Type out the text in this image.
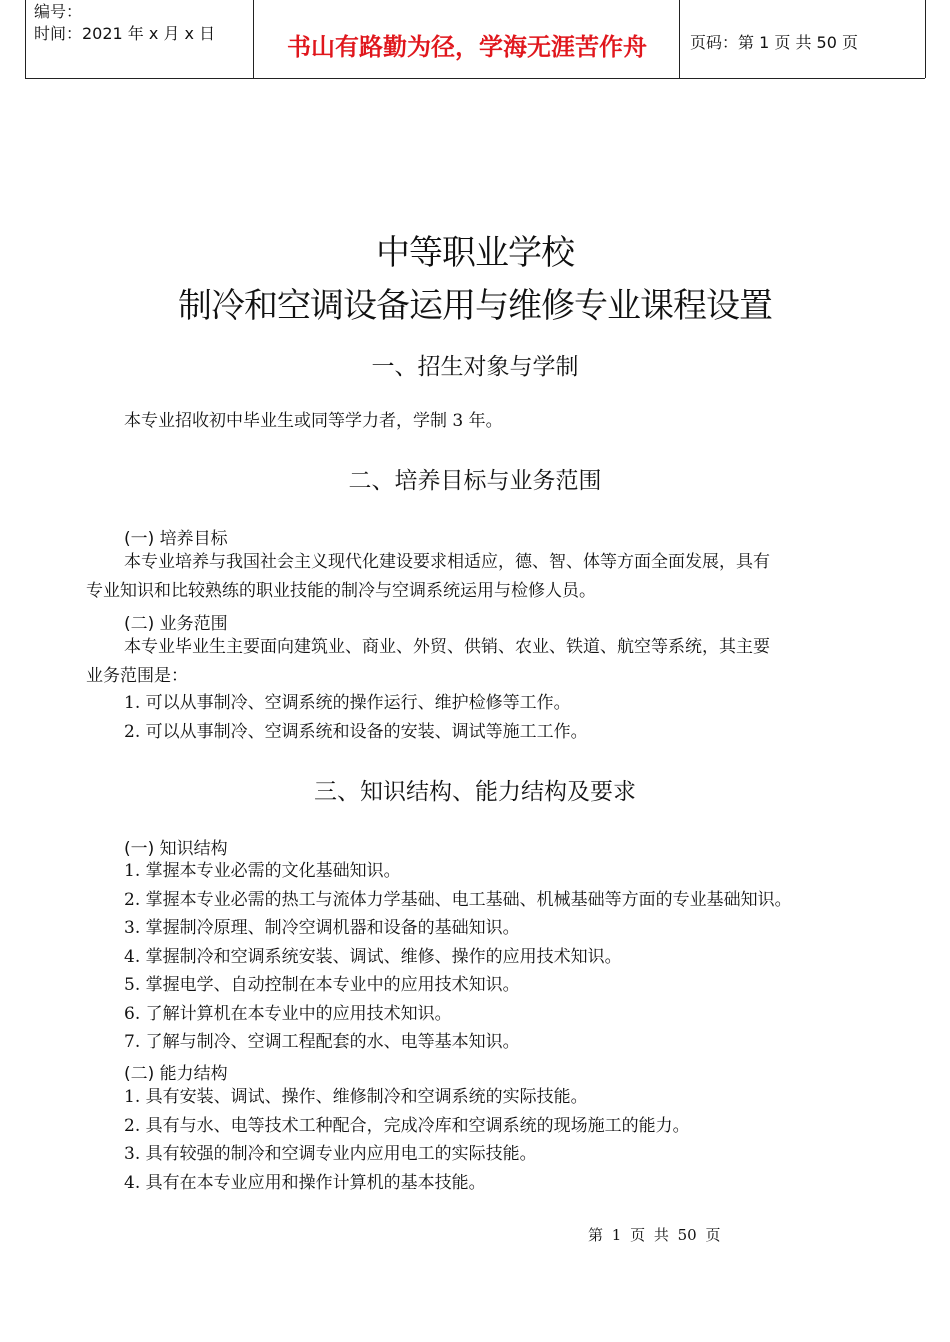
编号：
时间：2021 年 x 月 x 日	书山有路勤为径，学海无涯苦作舟	页码：第 1 页 共 50 页
中等职业学校
制冷和空调设备运用与维修专业课程设置
一、招生对象与学制
本专业招收初中毕业生或同等学力者，学制 3 年。
二、培养目标与业务范围
(一) 培养目标
本专业培养与我国社会主义现代化建设要求相适应，德、智、体等方面全面发展，具有
专业知识和比较熟练的职业技能的制冷与空调系统运用与检修人员。
(二) 业务范围
本专业毕业生主要面向建筑业、商业、外贸、供销、农业、铁道、航空等系统，其主要
业务范围是：
1. 可以从事制冷、空调系统的操作运行、维护检修等工作。
2. 可以从事制冷、空调系统和设备的安装、调试等施工工作。
三、知识结构、能力结构及要求
(一) 知识结构
1. 掌握本专业必需的文化基础知识。
2. 掌握本专业必需的热工与流体力学基础、电工基础、机械基础等方面的专业基础知识。
3. 掌握制冷原理、制冷空调机器和设备的基础知识。
4. 掌握制冷和空调系统安装、调试、维修、操作的应用技术知识。
5. 掌握电学、自动控制在本专业中的应用技术知识。
6. 了解计算机在本专业中的应用技术知识。
7. 了解与制冷、空调工程配套的水、电等基本知识。
(二) 能力结构
1. 具有安装、调试、操作、维修制冷和空调系统的实际技能。
2. 具有与水、电等技术工种配合，完成冷库和空调系统的现场施工的能力。
3. 具有较强的制冷和空调专业内应用电工的实际技能。
4. 具有在本专业应用和操作计算机的基本技能。
第 1 页 共 50 页
